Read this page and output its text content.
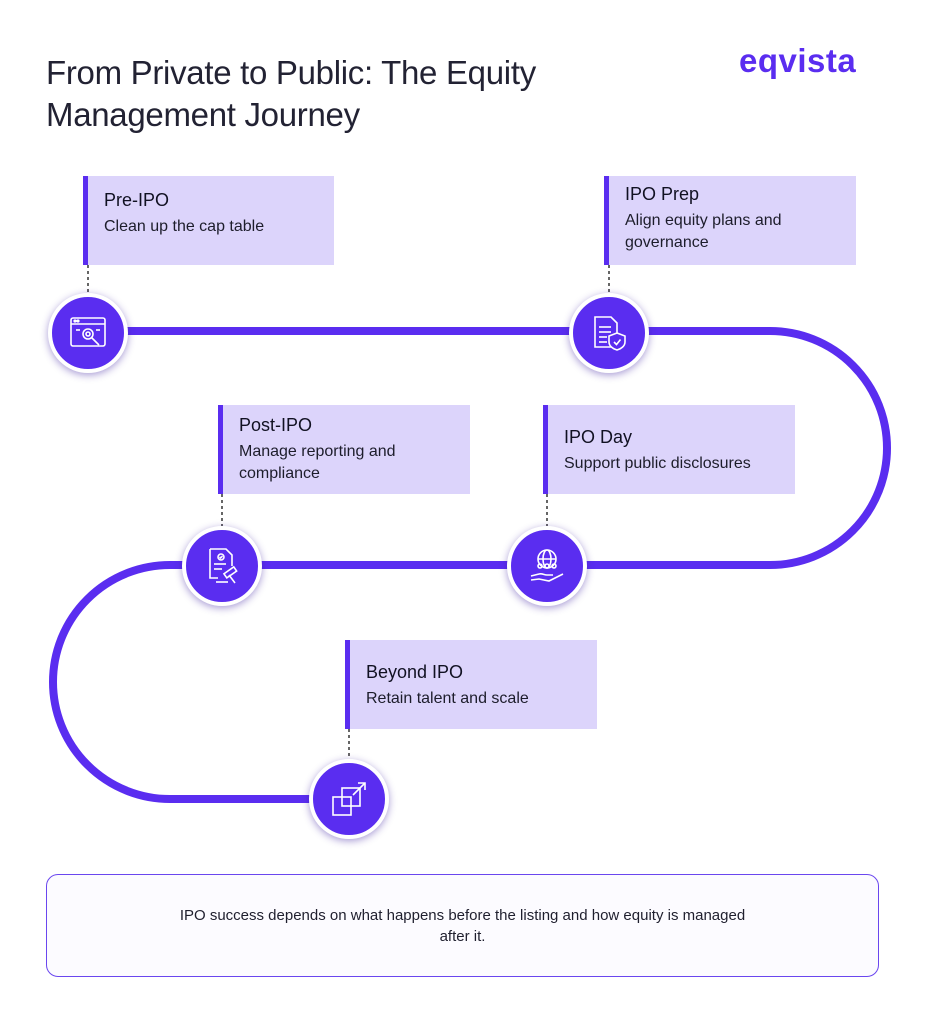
From Private to Public: The Equity
Management Journey
eqvista
Pre-IPO
Clean up the cap table
IPO Prep
Align equity plans and governance
IPO Day
Support public disclosures
Post-IPO
Manage reporting and compliance
Beyond IPO
Retain talent and scale
IPO success depends on what happens before the listing and how equity is managed
after it.
